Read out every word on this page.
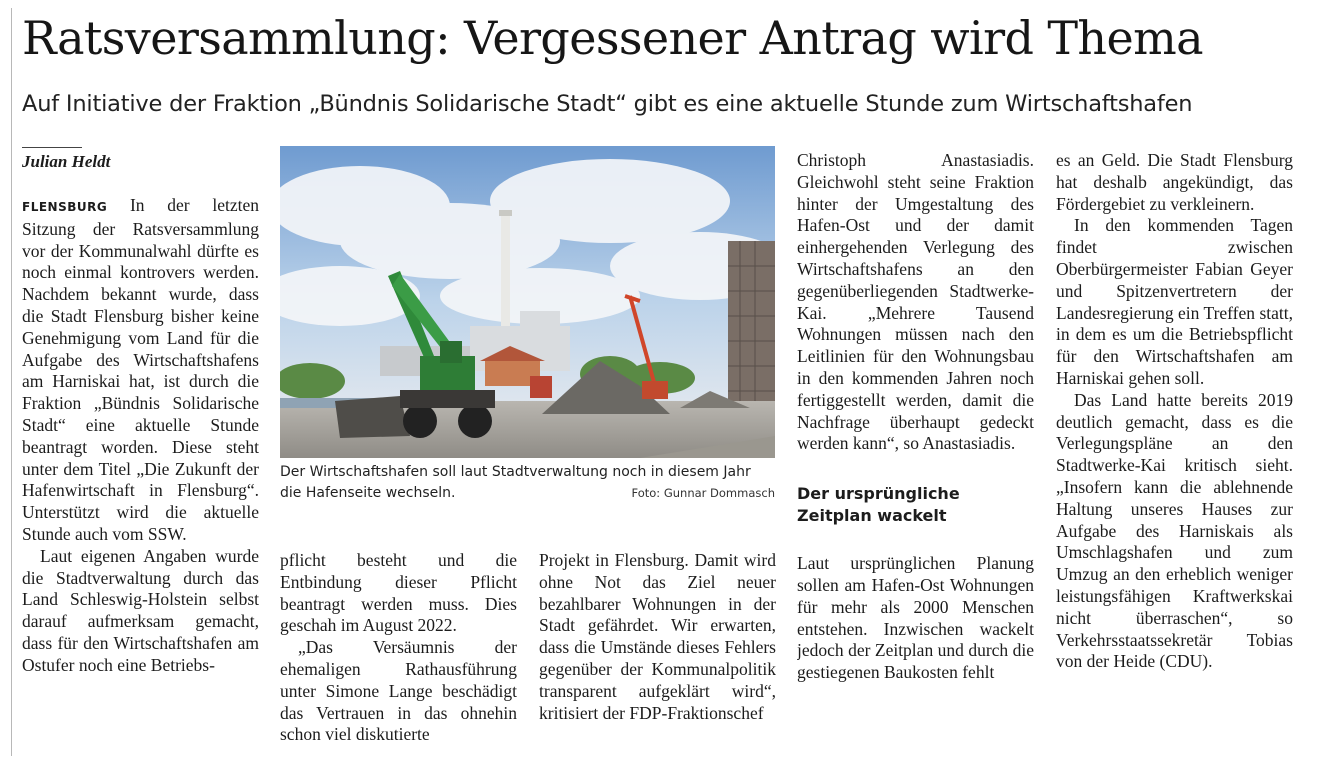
Ratsversammlung: Vergessener Antrag wird Thema
Auf Initiative der Fraktion „Bündnis Solidarische Stadt“ gibt es eine aktuelle Stunde zum Wirtschaftshafen
Julian Heldt

FLENSBURG In der letzten Sitzung der Ratsversammlung vor der Kommunalwahl dürfte es noch einmal kontrovers werden. Nachdem bekannt wurde, dass die Stadt Flensburg bisher keine Genehmigung vom Land für die Aufgabe des Wirtschaftshafens am Harniskai hat, ist durch die Fraktion „Bündnis Solidarische Stadt“ eine aktuelle Stunde beantragt worden. Diese steht unter dem Titel „Die Zukunft der Hafenwirtschaft in Flensburg“. Unterstützt wird die aktuelle Stunde auch vom SSW.

Laut eigenen Angaben wurde die Stadtverwaltung durch das Land Schleswig-Holstein selbst darauf aufmerksam gemacht, dass für den Wirtschaftshafen am Ostufer noch eine Betriebs-

Der Wirtschaftshafen soll laut Stadtverwaltung noch in diesem Jahr die Hafenseite wechseln.	Foto: Gunnar Dommasch

pflicht besteht und die Entbindung dieser Pflicht beantragt werden muss. Dies geschah im August 2022.

„Das Versäumnis der ehemaligen Rathausführung unter Simone Lange beschädigt das Vertrauen in das ohnehin schon viel diskutierte

Projekt in Flensburg. Damit wird ohne Not das Ziel neuer bezahlbarer Wohnungen in der Stadt gefährdet. Wir erwarten, dass die Umstände dieses Fehlers gegenüber der Kommunalpolitik transparent aufgeklärt wird“, kritisiert der FDP-Fraktionschef

Christoph Anastasiadis. Gleichwohl steht seine Fraktion hinter der Umgestaltung des Hafen-Ost und der damit einhergehenden Verlegung des Wirtschaftshafens an den gegenüberliegenden Stadtwerke-Kai. „Mehrere Tausend Wohnungen müssen nach den Leitlinien für den Wohnungsbau in den kommenden Jahren noch fertiggestellt werden, damit die Nachfrage überhaupt gedeckt werden kann“, so Anastasiadis.

Der ursprüngliche Zeitplan wackelt

Laut ursprünglichen Planung sollen am Hafen-Ost Wohnungen für mehr als 2000 Menschen entstehen. Inzwischen wackelt jedoch der Zeitplan und durch die gestiegenen Baukosten fehlt

es an Geld. Die Stadt Flensburg hat deshalb angekündigt, das Fördergebiet zu verkleinern.

In den kommenden Tagen findet zwischen Oberbürgermeister Fabian Geyer und Spitzenvertretern der Landesregierung ein Treffen statt, in dem es um die Betriebspflicht für den Wirtschaftshafen am Harniskai gehen soll.

Das Land hatte bereits 2019 deutlich gemacht, dass es die Verlegungspläne an den Stadtwerke-Kai kritisch sieht. „Insofern kann die ablehnende Haltung unseres Hauses zur Aufgabe des Harniskais als Umschlagshafen und zum Umzug an den erheblich weniger leistungsfähigen Kraftwerkskai nicht überraschen“, so Verkehrsstaatssekretär Tobias von der Heide (CDU).
